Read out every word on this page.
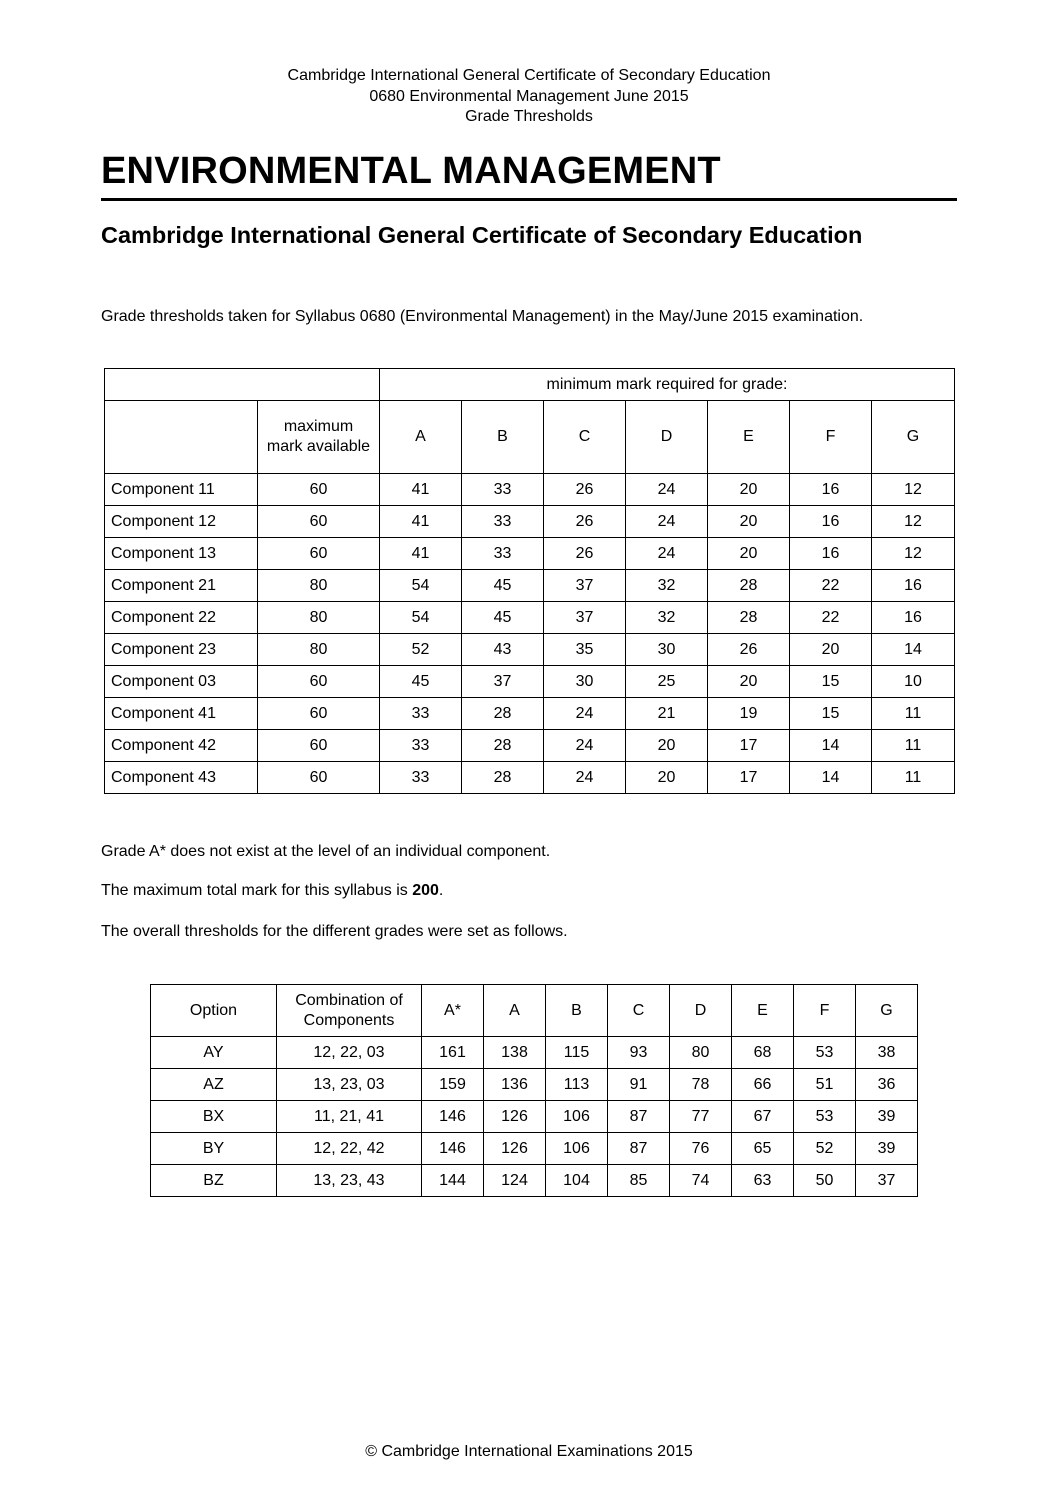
Cambridge International General Certificate of Secondary Education
0680 Environmental Management June 2015
Grade Thresholds
ENVIRONMENTAL MANAGEMENT
Cambridge International General Certificate of Secondary Education
Grade thresholds taken for Syllabus 0680 (Environmental Management) in the May/June 2015 examination.
		minimum mark required for grade:						
	maximum mark available	A	B	C	D	E	F	G
Component 11	60	41	33	26	24	20	16	12
Component 12	60	41	33	26	24	20	16	12
Component 13	60	41	33	26	24	20	16	12
Component 21	80	54	45	37	32	28	22	16
Component 22	80	54	45	37	32	28	22	16
Component 23	80	52	43	35	30	26	20	14
Component 03	60	45	37	30	25	20	15	10
Component 41	60	33	28	24	21	19	15	11
Component 42	60	33	28	24	20	17	14	11
Component 43	60	33	28	24	20	17	14	11
Grade A* does not exist at the level of an individual component.
The maximum total mark for this syllabus is 200.
The overall thresholds for the different grades were set as follows.
Option	Combination of Components	A*	A	B	C	D	E	F	G
AY	12, 22, 03	161	138	115	93	80	68	53	38
AZ	13, 23, 03	159	136	113	91	78	66	51	36
BX	11, 21, 41	146	126	106	87	77	67	53	39
BY	12, 22, 42	146	126	106	87	76	65	52	39
BZ	13, 23, 43	144	124	104	85	74	63	50	37
© Cambridge International Examinations 2015
